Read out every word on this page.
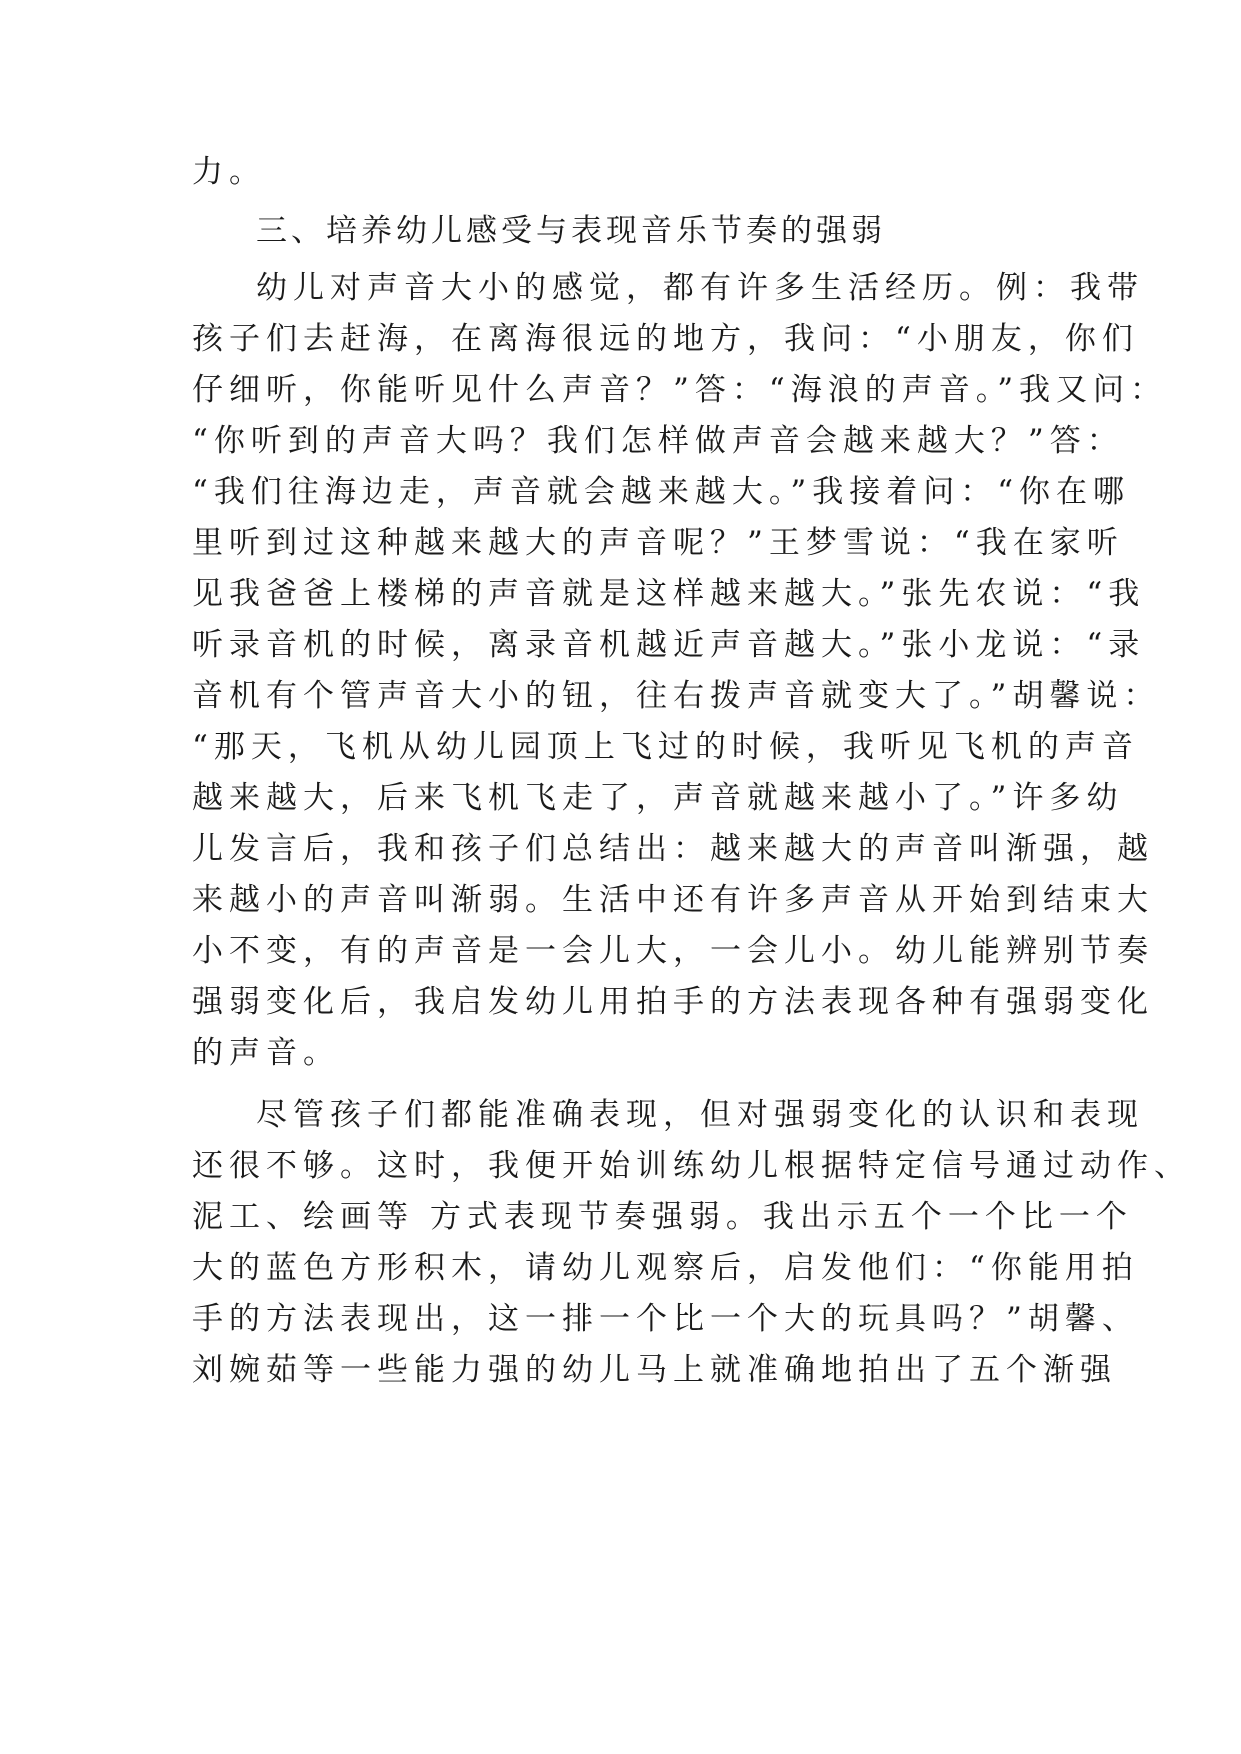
力。

三、培养幼儿感受与表现音乐节奏的强弱

幼儿对声音大小的感觉，都有许多生活经历。例：我带

孩子们去赶海，在离海很远的地方，我问：“小朋友，你们

仔细听，你能听见什么声音？”答：“海浪的声音。”我又问：

“你听到的声音大吗？我们怎样做声音会越来越大？”答：

“我们往海边走，声音就会越来越大。”我接着问：“你在哪

里听到过这种越来越大的声音呢？”王梦雪说：“我在家听

见我爸爸上楼梯的声音就是这样越来越大。”张先农说：“我

听录音机的时候，离录音机越近声音越大。”张小龙说：“录

音机有个管声音大小的钮，往右拨声音就变大了。”胡馨说：

“那天，飞机从幼儿园顶上飞过的时候，我听见飞机的声音

越来越大，后来飞机飞走了，声音就越来越小了。”许多幼

儿发言后，我和孩子们总结出：越来越大的声音叫渐强，越

来越小的声音叫渐弱。生活中还有许多声音从开始到结束大

小不变，有的声音是一会儿大，一会儿小。幼儿能辨别节奏

强弱变化后，我启发幼儿用拍手的方法表现各种有强弱变化

的声音。

尽管孩子们都能准确表现，但对强弱变化的认识和表现

还很不够。这时，我便开始训练幼儿根据特定信号通过动作、

泥工、绘画等 方式表现节奏强弱。我出示五个一个比一个

大的蓝色方形积木，请幼儿观察后，启发他们：“你能用拍

手的方法表现出，这一排一个比一个大的玩具吗？”胡馨、

刘婉茹等一些能力强的幼儿马上就准确地拍出了五个渐强
